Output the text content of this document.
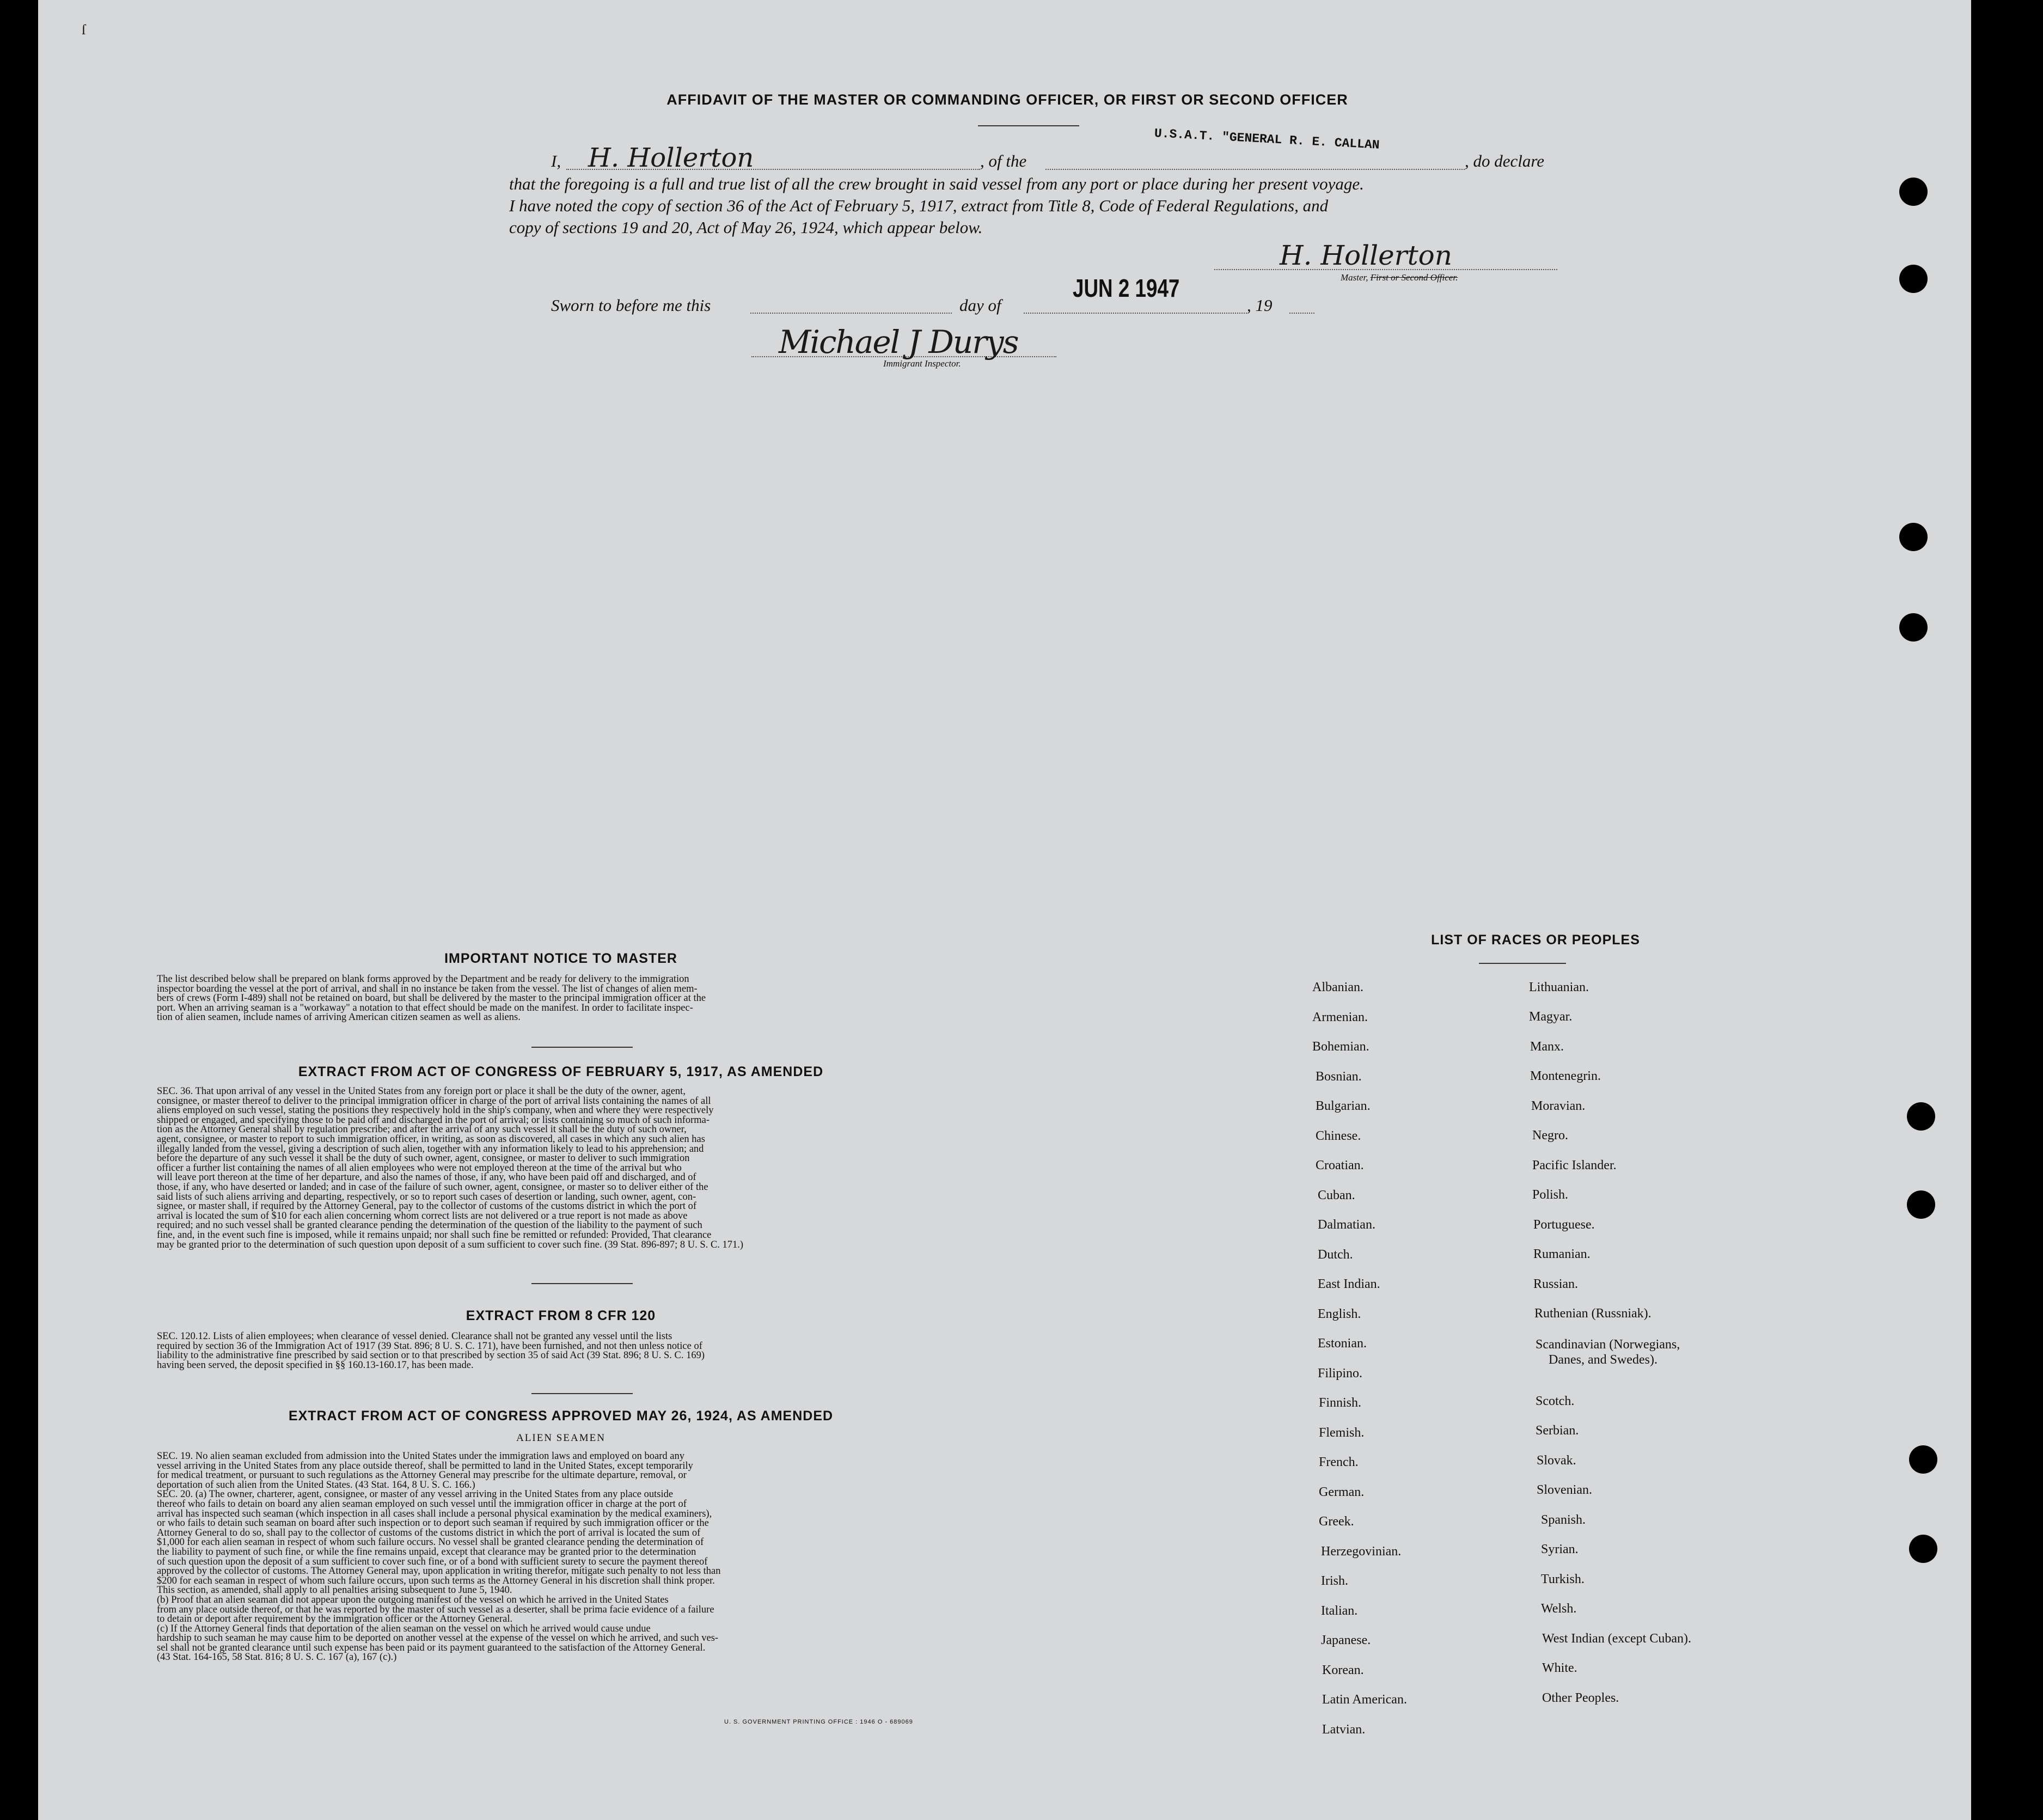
ſ
AFFIDAVIT OF THE MASTER OR COMMANDING OFFICER, OR FIRST OR SECOND OFFICER
I, H. Hollerton	, of the
U.S.A.T. "GENERAL R. E. CALLAN
, do declare
that the foregoing is a full and true list of all the crew brought in said vessel from any port or place during her present voyage.
I have noted the copy of section 36 of the Act of February 5, 1917, extract from Title 8, Code of Federal Regulations, and
copy of sections 19 and 20, Act of May 26, 1924, which appear below.
H. Hollerton
Master, First or Second Officer.
Sworn to before me this	day of
JUN 2 1947
, 19
Michael J Durys
Immigrant Inspector.
IMPORTANT NOTICE TO MASTER
The list described below shall be prepared on blank forms approved by the Department and be ready for delivery to the immigration
inspector boarding the vessel at the port of arrival, and shall in no instance be taken from the vessel. The list of changes of alien mem-
bers of crews (Form I-489) shall not be retained on board, but shall be delivered by the master to the principal immigration officer at the
port. When an arriving seaman is a "workaway" a notation to that effect should be made on the manifest. In order to facilitate inspec-
tion of alien seamen, include names of arriving American citizen seamen as well as aliens.
EXTRACT FROM ACT OF CONGRESS OF FEBRUARY 5, 1917, AS AMENDED
SEC. 36. That upon arrival of any vessel in the United States from any foreign port or place it shall be the duty of the owner, agent,
consignee, or master thereof to deliver to the principal immigration officer in charge of the port of arrival lists containing the names of all
aliens employed on such vessel, stating the positions they respectively hold in the ship's company, when and where they were respectively
shipped or engaged, and specifying those to be paid off and discharged in the port of arrival; or lists containing so much of such informa-
tion as the Attorney General shall by regulation prescribe; and after the arrival of any such vessel it shall be the duty of such owner,
agent, consignee, or master to report to such immigration officer, in writing, as soon as discovered, all cases in which any such alien has
illegally landed from the vessel, giving a description of such alien, together with any information likely to lead to his apprehension; and
before the departure of any such vessel it shall be the duty of such owner, agent, consignee, or master to deliver to such immigration
officer a further list containing the names of all alien employees who were not employed thereon at the time of the arrival but who
will leave port thereon at the time of her departure, and also the names of those, if any, who have been paid off and discharged, and of
those, if any, who have deserted or landed; and in case of the failure of such owner, agent, consignee, or master so to deliver either of the
said lists of such aliens arriving and departing, respectively, or so to report such cases of desertion or landing, such owner, agent, con-
signee, or master shall, if required by the Attorney General, pay to the collector of customs of the customs district in which the port of
arrival is located the sum of $10 for each alien concerning whom correct lists are not delivered or a true report is not made as above
required; and no such vessel shall be granted clearance pending the determination of the question of the liability to the payment of such
fine, and, in the event such fine is imposed, while it remains unpaid; nor shall such fine be remitted or refunded: Provided, That clearance
may be granted prior to the determination of such question upon deposit of a sum sufficient to cover such fine. (39 Stat. 896-897; 8 U. S. C. 171.)
EXTRACT FROM 8 CFR 120
SEC. 120.12. Lists of alien employees; when clearance of vessel denied. Clearance shall not be granted any vessel until the lists
required by section 36 of the Immigration Act of 1917 (39 Stat. 896; 8 U. S. C. 171), have been furnished, and not then unless notice of
liability to the administrative fine prescribed by said section or to that prescribed by section 35 of said Act (39 Stat. 896; 8 U. S. C. 169)
having been served, the deposit specified in §§ 160.13-160.17, has been made.
EXTRACT FROM ACT OF CONGRESS APPROVED MAY 26, 1924, AS AMENDED
ALIEN SEAMEN
SEC. 19. No alien seaman excluded from admission into the United States under the immigration laws and employed on board any
vessel arriving in the United States from any place outside thereof, shall be permitted to land in the United States, except temporarily
for medical treatment, or pursuant to such regulations as the Attorney General may prescribe for the ultimate departure, removal, or
deportation of such alien from the United States. (43 Stat. 164, 8 U. S. C. 166.)
SEC. 20. (a) The owner, charterer, agent, consignee, or master of any vessel arriving in the United States from any place outside
thereof who fails to detain on board any alien seaman employed on such vessel until the immigration officer in charge at the port of
arrival has inspected such seaman (which inspection in all cases shall include a personal physical examination by the medical examiners),
or who fails to detain such seaman on board after such inspection or to deport such seaman if required by such immigration officer or the
Attorney General to do so, shall pay to the collector of customs of the customs district in which the port of arrival is located the sum of
$1,000 for each alien seaman in respect of whom such failure occurs. No vessel shall be granted clearance pending the determination of
the liability to payment of such fine, or while the fine remains unpaid, except that clearance may be granted prior to the determination
of such question upon the deposit of a sum sufficient to cover such fine, or of a bond with sufficient surety to secure the payment thereof
approved by the collector of customs. The Attorney General may, upon application in writing therefor, mitigate such penalty to not less than
$200 for each seaman in respect of whom such failure occurs, upon such terms as the Attorney General in his discretion shall think proper.
This section, as amended, shall apply to all penalties arising subsequent to June 5, 1940.
(b) Proof that an alien seaman did not appear upon the outgoing manifest of the vessel on which he arrived in the United States
from any place outside thereof, or that he was reported by the master of such vessel as a deserter, shall be prima facie evidence of a failure
to detain or deport after requirement by the immigration officer or the Attorney General.
(c) If the Attorney General finds that deportation of the alien seaman on the vessel on which he arrived would cause undue
hardship to such seaman he may cause him to be deported on another vessel at the expense of the vessel on which he arrived, and such ves-
sel shall not be granted clearance until such expense has been paid or its payment guaranteed to the satisfaction of the Attorney General.
(43 Stat. 164-165, 58 Stat. 816; 8 U. S. C. 167 (a), 167 (c).)
U. S. GOVERNMENT PRINTING OFFICE : 1946 O - 689069
LIST OF RACES OR PEOPLES
Albanian.
Armenian.
Bohemian.
Bosnian.
Bulgarian.
Chinese.
Croatian.
Cuban.
Dalmatian.
Dutch.
East Indian.
English.
Estonian.
Filipino.
Finnish.
Flemish.
French.
German.
Greek.
Herzegovinian.
Irish.
Italian.
Japanese.
Korean.
Latin American.
Latvian.
Lithuanian.
Magyar.
Manx.
Montenegrin.
Moravian.
Negro.
Pacific Islander.
Polish.
Portuguese.
Rumanian.
Russian.
Ruthenian (Russniak).
Scandinavian (Norwegians,
Danes, and Swedes).
Scotch.
Serbian.
Slovak.
Slovenian.
Spanish.
Syrian.
Turkish.
Welsh.
West Indian (except Cuban).
White.
Other Peoples.
